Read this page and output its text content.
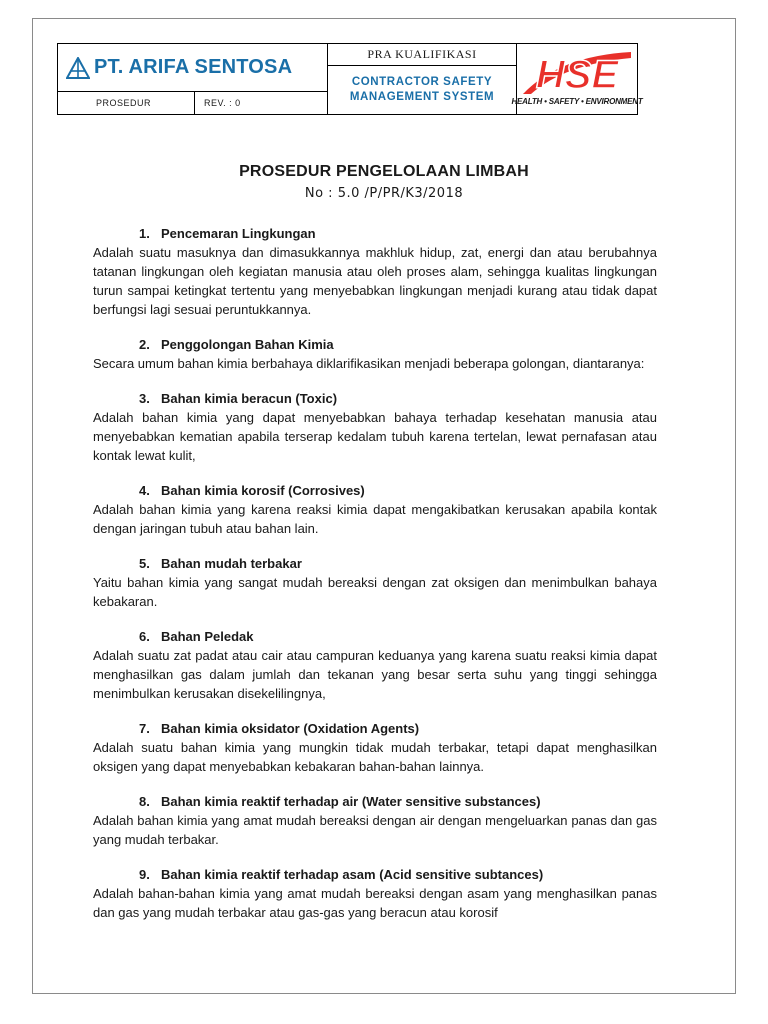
PT. ARIFA SENTOSA
PROSEDUR	REV. : 0
PRA KUALIFIKASI
CONTRACTOR SAFETY
MANAGEMENT SYSTEM HSE
HEALTH • SAFETY • ENVIRONMENT
PROSEDUR PENGELOLAAN LIMBAH
No : 5.0 /P/PR/K3/2018
1. Pencemaran Lingkungan
Adalah suatu masuknya dan dimasukkannya makhluk hidup, zat, energi dan atau berubahnya tatanan lingkungan oleh kegiatan manusia atau oleh proses alam, sehingga kualitas lingkungan turun sampai ketingkat tertentu yang menyebabkan lingkungan menjadi kurang atau tidak dapat berfungsi lagi sesuai peruntukkannya.
2. Penggolongan Bahan Kimia
Secara umum bahan kimia berbahaya diklarifikasikan menjadi beberapa golongan, diantaranya:
3. Bahan kimia beracun (Toxic)
Adalah bahan kimia yang dapat menyebabkan bahaya terhadap kesehatan manusia atau menyebabkan kematian apabila terserap kedalam tubuh karena tertelan, lewat pernafasan atau kontak lewat kulit,
4. Bahan kimia korosif (Corrosives)
Adalah bahan kimia yang karena reaksi kimia dapat mengakibatkan kerusakan apabila kontak dengan jaringan tubuh atau bahan lain.
5. Bahan mudah terbakar
Yaitu bahan kimia yang sangat mudah bereaksi dengan zat oksigen dan menimbulkan bahaya kebakaran.
6. Bahan Peledak
Adalah suatu zat padat atau cair atau campuran keduanya yang karena suatu reaksi kimia dapat menghasilkan gas dalam jumlah dan tekanan yang besar serta suhu yang tinggi sehingga menimbulkan kerusakan disekelilingnya,
7. Bahan kimia oksidator (Oxidation Agents)
Adalah suatu bahan kimia yang mungkin tidak mudah terbakar, tetapi dapat menghasilkan oksigen yang dapat menyebabkan kebakaran bahan-bahan lainnya.
8. Bahan kimia reaktif terhadap air (Water sensitive substances)
Adalah bahan kimia yang amat mudah bereaksi dengan air dengan mengeluarkan panas dan gas yang mudah terbakar.
9. Bahan kimia reaktif terhadap asam (Acid sensitive subtances)
Adalah bahan-bahan kimia yang amat mudah bereaksi dengan asam yang menghasilkan panas dan gas yang mudah terbakar atau gas-gas yang beracun atau korosif
